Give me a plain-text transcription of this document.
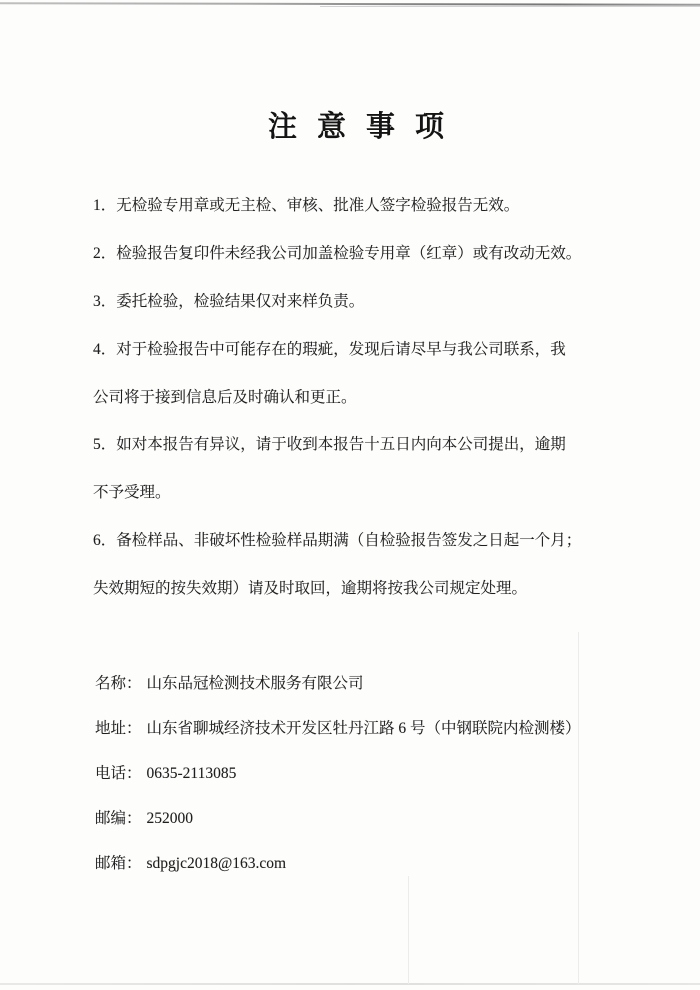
注意事项
1．无检验专用章或无主检、审核、批准人签字检验报告无效。
2．检验报告复印件未经我公司加盖检验专用章（红章）或有改动无效。
3．委托检验，检验结果仅对来样负责。
4．对于检验报告中可能存在的瑕疵，发现后请尽早与我公司联系，我
公司将于接到信息后及时确认和更正。
5．如对本报告有异议，请于收到本报告十五日内向本公司提出，逾期
不予受理。
6．备检样品、非破坏性检验样品期满（自检验报告签发之日起一个月；
失效期短的按失效期）请及时取回，逾期将按我公司规定处理。
名称： 山东品冠检测技术服务有限公司
地址： 山东省聊城经济技术开发区牡丹江路 6 号（中钢联院内检测楼）
电话： 0635-2113085
邮编： 252000
邮箱： sdpgjc2018@163.com
